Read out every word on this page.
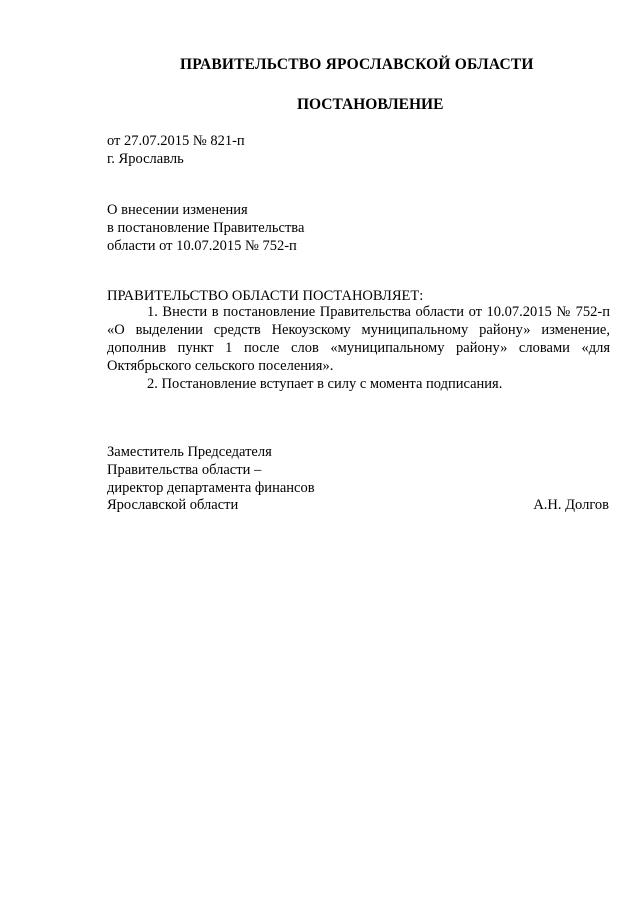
ПРАВИТЕЛЬСТВО ЯРОСЛАВСКОЙ ОБЛАСТИ
ПОСТАНОВЛЕНИЕ
от 27.07.2015 № 821-п
г. Ярославль
О внесении изменения
в постановление Правительства
области от 10.07.2015 № 752-п
ПРАВИТЕЛЬСТВО ОБЛАСТИ ПОСТАНОВЛЯЕТ:

1. Внести в постановление Правительства области от 10.07.2015 № 752-п «О выделении средств Некоузскому муниципальному району» изменение, дополнив пункт 1 после слов «муниципальному району» словами «для Октябрьского сельского поселения».

2. Постановление вступает в силу с момента подписания.

Заместитель Председателя
Правительства области –
директор департамента финансов
Ярославской области	А.Н. Долгов
